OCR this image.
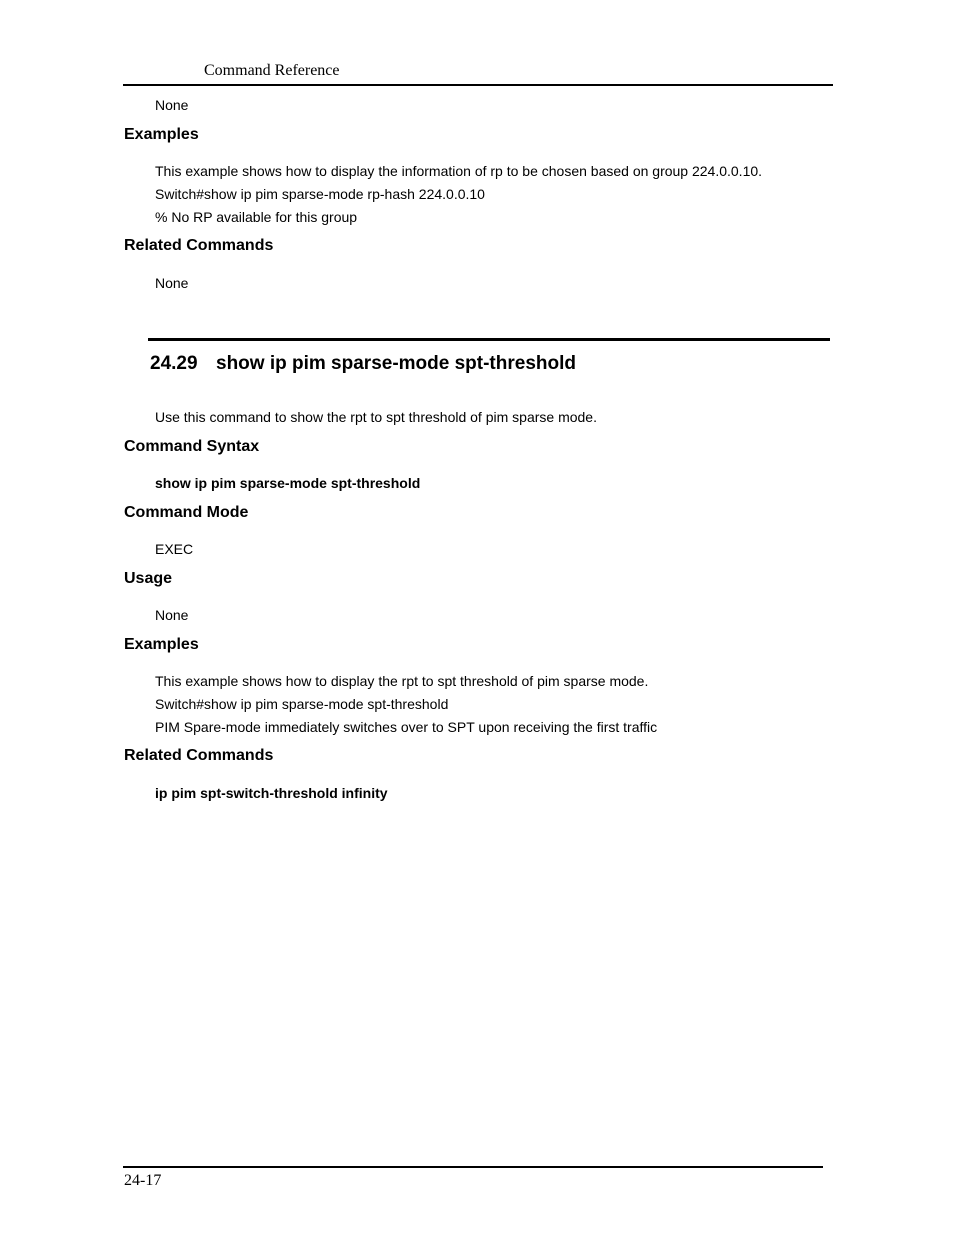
Command Reference
None
Examples
This example shows how to display the information of rp to be chosen based on group 224.0.0.10.
Switch#show ip pim sparse-mode rp-hash 224.0.0.10
% No RP available for this group
Related Commands
None
24.29 show ip pim sparse-mode spt-threshold
Use this command to show the rpt to spt threshold of pim sparse mode.
Command Syntax
show ip pim sparse-mode spt-threshold
Command Mode
EXEC
Usage
None
Examples
This example shows how to display the rpt to spt threshold of pim sparse mode.
Switch#show ip pim sparse-mode spt-threshold
PIM Spare-mode immediately switches over to SPT upon receiving the first traffic
Related Commands
ip pim spt-switch-threshold infinity
24-17
